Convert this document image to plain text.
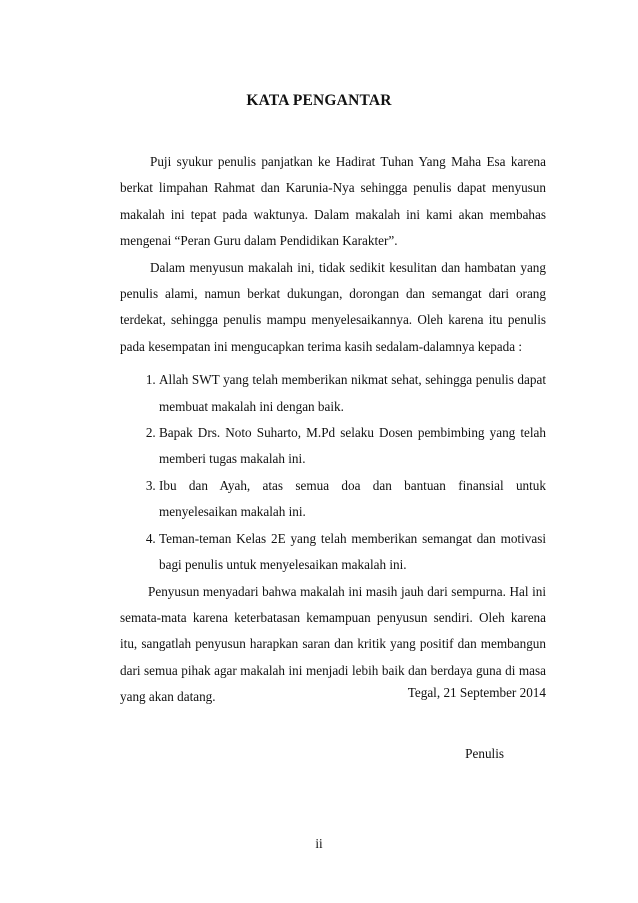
KATA PENGANTAR

Puji syukur penulis panjatkan ke Hadirat Tuhan Yang Maha Esa karena berkat limpahan Rahmat dan Karunia-Nya sehingga penulis dapat menyusun makalah ini tepat pada waktunya. Dalam makalah ini kami akan membahas mengenai “Peran Guru dalam Pendidikan Karakter”.

Dalam menyusun makalah ini, tidak sedikit kesulitan dan hambatan yang penulis alami, namun berkat dukungan, dorongan dan semangat dari orang terdekat, sehingga penulis mampu menyelesaikannya. Oleh karena itu penulis pada kesempatan ini mengucapkan terima kasih sedalam-dalamnya kepada :

1. Allah SWT yang telah memberikan nikmat sehat, sehingga penulis dapat membuat makalah ini dengan baik.
2. Bapak Drs. Noto Suharto, M.Pd selaku Dosen pembimbing yang telah memberi tugas makalah ini.
3. Ibu dan Ayah, atas semua doa dan bantuan finansial untuk menyelesaikan makalah ini.
4. Teman-teman Kelas 2E yang telah memberikan semangat dan motivasi bagi penulis untuk menyelesaikan makalah ini.

Penyusun menyadari bahwa makalah ini masih jauh dari sempurna. Hal ini semata-mata karena keterbatasan kemampuan penyusun sendiri. Oleh karena itu, sangatlah penyusun harapkan saran dan kritik yang positif dan membangun dari semua pihak agar makalah ini menjadi lebih baik dan berdaya guna di masa yang akan datang.	Tegal, 21 September 2014

Penulis

ii
